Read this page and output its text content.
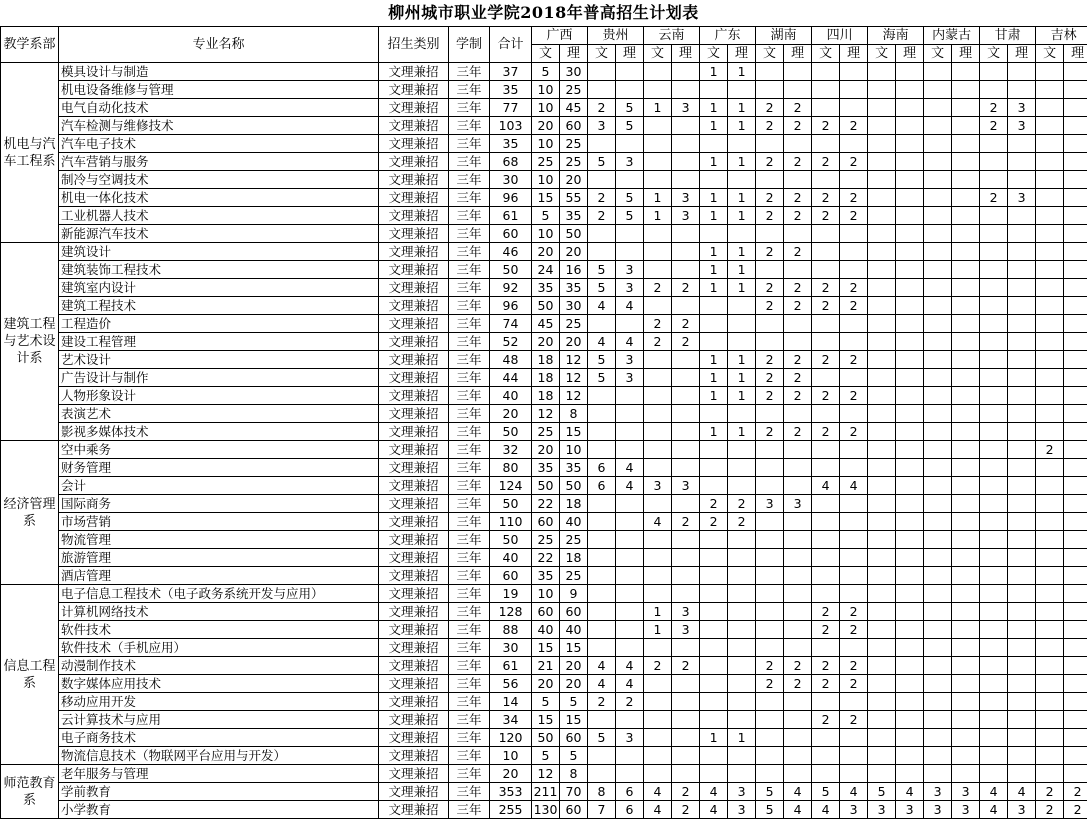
柳州城市职业学院2018年普高招生计划表
教学系部	专业名称	招生类别	学制	合计	广西		贵州		云南		广东		湖南		四川		海南		内蒙古		甘肃		吉林	
					文	理	文	理	文	理	文	理	文	理	文	理	文	理	文	理	文	理	文	理
机电与汽车工程系	模具设计与制造	文理兼招	三年	37	5	30					1	1												
	机电设备维修与管理	文理兼招	三年	35	10	25																		
	电气自动化技术	文理兼招	三年	77	10	45	2	5	1	3	1	1	2	2							2	3		
	汽车检测与维修技术	文理兼招	三年	103	20	60	3	5			1	1	2	2	2	2					2	3		
	汽车电子技术	文理兼招	三年	35	10	25																		
	汽车营销与服务	文理兼招	三年	68	25	25	5	3			1	1	2	2	2	2								
	制冷与空调技术	文理兼招	三年	30	10	20																		
	机电一体化技术	文理兼招	三年	96	15	55	2	5	1	3	1	1	2	2	2	2					2	3		
	工业机器人技术	文理兼招	三年	61	5	35	2	5	1	3	1	1	2	2	2	2								
	新能源汽车技术	文理兼招	三年	60	10	50																		
建筑工程与艺术设计系	建筑设计	文理兼招	三年	46	20	20					1	1	2	2										
	建筑装饰工程技术	文理兼招	三年	50	24	16	5	3			1	1												
	建筑室内设计	文理兼招	三年	92	35	35	5	3	2	2	1	1	2	2	2	2								
	建筑工程技术	文理兼招	三年	96	50	30	4	4					2	2	2	2								
	工程造价	文理兼招	三年	74	45	25			2	2														
	建设工程管理	文理兼招	三年	52	20	20	4	4	2	2														
	艺术设计	文理兼招	三年	48	18	12	5	3			1	1	2	2	2	2								
	广告设计与制作	文理兼招	三年	44	18	12	5	3			1	1	2	2										
	人物形象设计	文理兼招	三年	40	18	12					1	1	2	2	2	2								
	表演艺术	文理兼招	三年	20	12	8																		
	影视多媒体技术	文理兼招	三年	50	25	15					1	1	2	2	2	2								
经济管理系	空中乘务	文理兼招	三年	32	20	10																	2	
	财务管理	文理兼招	三年	80	35	35	6	4																
	会计	文理兼招	三年	124	50	50	6	4	3	3					4	4								
	国际商务	文理兼招	三年	50	22	18					2	2	3	3										
	市场营销	文理兼招	三年	110	60	40			4	2	2	2												
	物流管理	文理兼招	三年	50	25	25																		
	旅游管理	文理兼招	三年	40	22	18																		
	酒店管理	文理兼招	三年	60	35	25																		
信息工程系	电子信息工程技术（电子政务系统开发与应用）	文理兼招	三年	19	10	9																		
	计算机网络技术	文理兼招	三年	128	60	60			1	3					2	2								
	软件技术	文理兼招	三年	88	40	40			1	3					2	2								
	软件技术（手机应用）	文理兼招	三年	30	15	15																		
	动漫制作技术	文理兼招	三年	61	21	20	4	4	2	2			2	2	2	2								
	数字媒体应用技术	文理兼招	三年	56	20	20	4	4					2	2	2	2								
	移动应用开发	文理兼招	三年	14	5	5	2	2																
	云计算技术与应用	文理兼招	三年	34	15	15									2	2								
	电子商务技术	文理兼招	三年	120	50	60	5	3			1	1												
	物流信息技术（物联网平台应用与开发）	文理兼招	三年	10	5	5																		
师范教育系	老年服务与管理	文理兼招	三年	20	12	8																		
	学前教育	文理兼招	三年	353	211	70	8	6	4	2	4	3	5	4	5	4	5	4	3	3	4	4	2	2
	小学教育	文理兼招	三年	255	130	60	7	6	4	2	4	3	5	4	4	3	3	3	3	3	4	3	2	2
